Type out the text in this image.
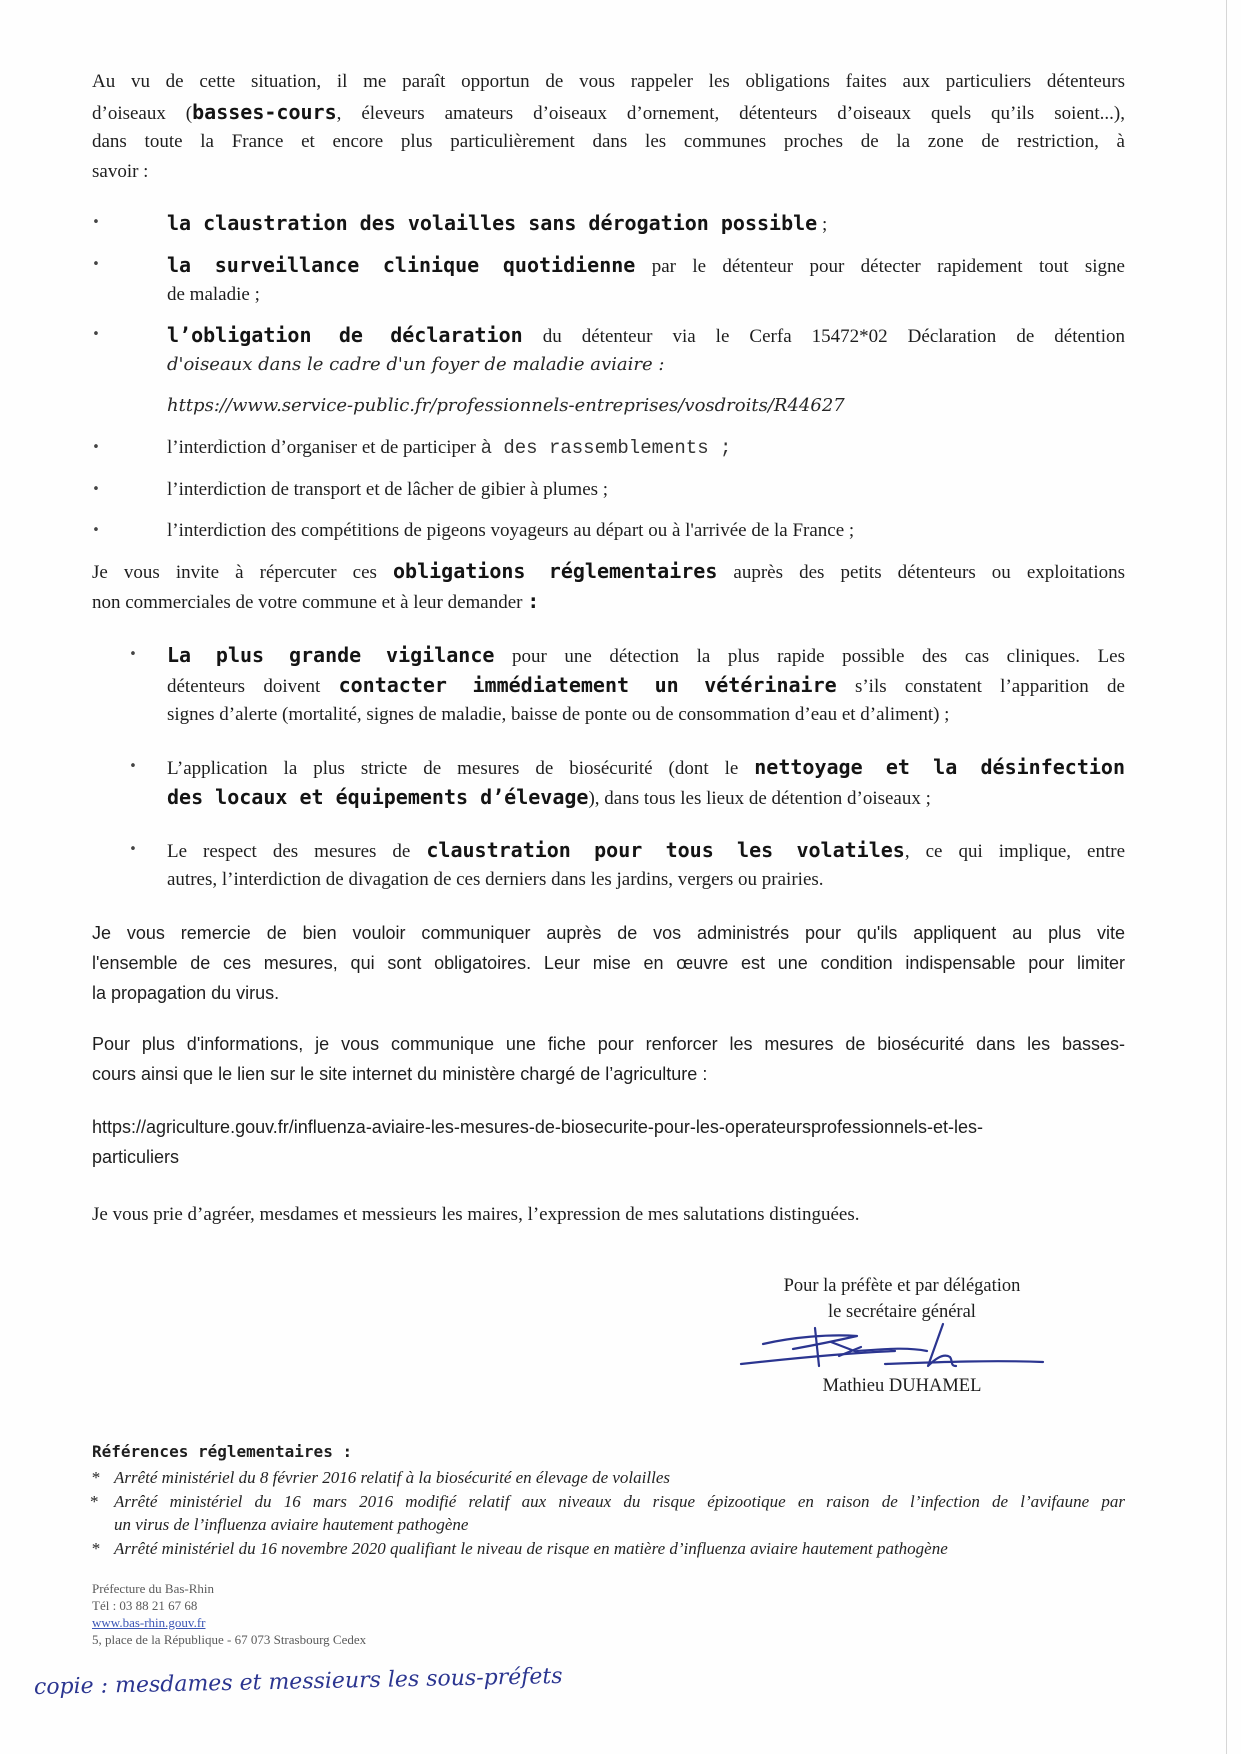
Au vu de cette situation, il me paraît opportun de vous rappeler les obligations faites aux particuliers détenteurs
d’oiseaux (basses-cours, éleveurs amateurs d’oiseaux d’ornement, détenteurs d’oiseaux quels qu’ils soient...),
dans toute la France et encore plus particulièrement dans les communes proches de la zone de restriction, à
savoir :
•	la claustration des volailles sans dérogation possible ;
•	la surveillance clinique quotidienne par le détenteur pour détecter rapidement tout signe
de maladie ;
•	l’obligation de déclaration du détenteur via le Cerfa 15472*02 Déclaration de détention
d'oiseaux dans le cadre d'un foyer de maladie aviaire :
https://www.service-public.fr/professionnels-entreprises/vosdroits/R44627
•	l’interdiction d’organiser et de participer à des rassemblements ;
•	l’interdiction de transport et de lâcher de gibier à plumes ;
•	l’interdiction des compétitions de pigeons voyageurs au départ ou à l'arrivée de la France ;
Je vous invite à répercuter ces obligations réglementaires auprès des petits détenteurs ou exploitations
non commerciales de votre commune et à leur demander :
• La plus grande vigilance pour une détection la plus rapide possible des cas cliniques. Les
détenteurs doivent contacter immédiatement un vétérinaire s’ils constatent l’apparition de
signes d’alerte (mortalité, signes de maladie, baisse de ponte ou de consommation d’eau et d’aliment) ;
• L’application la plus stricte de mesures de biosécurité (dont le nettoyage et la désinfection
des locaux et équipements d’élevage), dans tous les lieux de détention d’oiseaux ;
• Le respect des mesures de claustration pour tous les volatiles, ce qui implique, entre
autres, l’interdiction de divagation de ces derniers dans les jardins, vergers ou prairies.
Je vous remercie de bien vouloir communiquer auprès de vos administrés pour qu'ils appliquent au plus vite
l'ensemble de ces mesures, qui sont obligatoires. Leur mise en œuvre est une condition indispensable pour limiter
la propagation du virus.
Pour plus d'informations, je vous communique une fiche pour renforcer les mesures de biosécurité dans les basses-
cours ainsi que le lien sur le site internet du ministère chargé de l’agriculture :
https://agriculture.gouv.fr/influenza-aviaire-les-mesures-de-biosecurite-pour-les-operateursprofessionnels-et-les-
particuliers
Je vous prie d’agréer, mesdames et messieurs les maires, l’expression de mes salutations distinguées.
Pour la préfète et par délégation
le secrétaire général
Mathieu DUHAMEL
Références réglementaires :
* Arrêté ministériel du 8 février 2016 relatif à la biosécurité en élevage de volailles
* Arrêté ministériel du 16 mars 2016 modifié relatif aux niveaux du risque épizootique en raison de l’infection de l’avifaune par
un virus de l’influenza aviaire hautement pathogène
* Arrêté ministériel du 16 novembre 2020 qualifiant le niveau de risque en matière d’influenza aviaire hautement pathogène
Préfecture du Bas-Rhin
Tél : 03 88 21 67 68
www.bas-rhin.gouv.fr
5, place de la République - 67 073 Strasbourg Cedex
copie : mesdames et messieurs les sous-préfets
